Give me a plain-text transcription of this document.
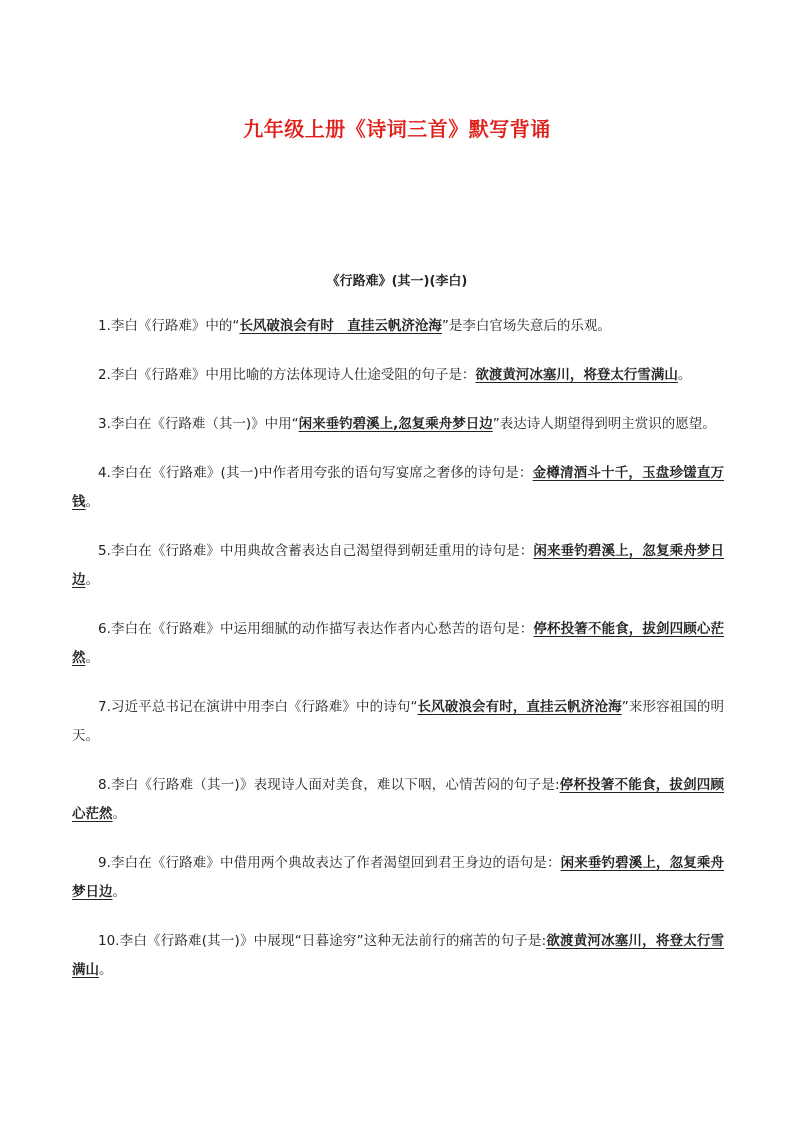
九年级上册《诗词三首》默写背诵
《行路难》(其一)(李白)

1.李白《行路难》中的“长风破浪会有时　直挂云帆济沧海”是李白官场失意后的乐观。

2.李白《行路难》中用比喻的方法体现诗人仕途受阻的句子是：欲渡黄河冰塞川，将登太行雪满山。

3.李白在《行路难（其一)》中用“闲来垂钓碧溪上,忽复乘舟梦日边”表达诗人期望得到明主赏识的愿望。

4.李白在《行路难》(其一)中作者用夸张的语句写宴席之奢侈的诗句是：金樽清酒斗十千，玉盘珍馐直万钱。

5.李白在《行路难》中用典故含蓄表达自己渴望得到朝廷重用的诗句是：闲来垂钓碧溪上，忽复乘舟梦日边。

6.李白在《行路难》中运用细腻的动作描写表达作者内心愁苦的语句是：停杯投箸不能食，拔剑四顾心茫然。

7.习近平总书记在演讲中用李白《行路难》中的诗句“长风破浪会有时，直挂云帆济沧海”来形容祖国的明天。

8.李白《行路难（其一)》表现诗人面对美食，难以下咽，心情苦闷的句子是:停杯投箸不能食，拔剑四顾心茫然。

9.李白在《行路难》中借用两个典故表达了作者渴望回到君王身边的语句是：闲来垂钓碧溪上，忽复乘舟梦日边。

10.李白《行路难(其一)》中展现“日暮途穷”这种无法前行的痛苦的句子是:欲渡黄河冰塞川，将登太行雪满山。
